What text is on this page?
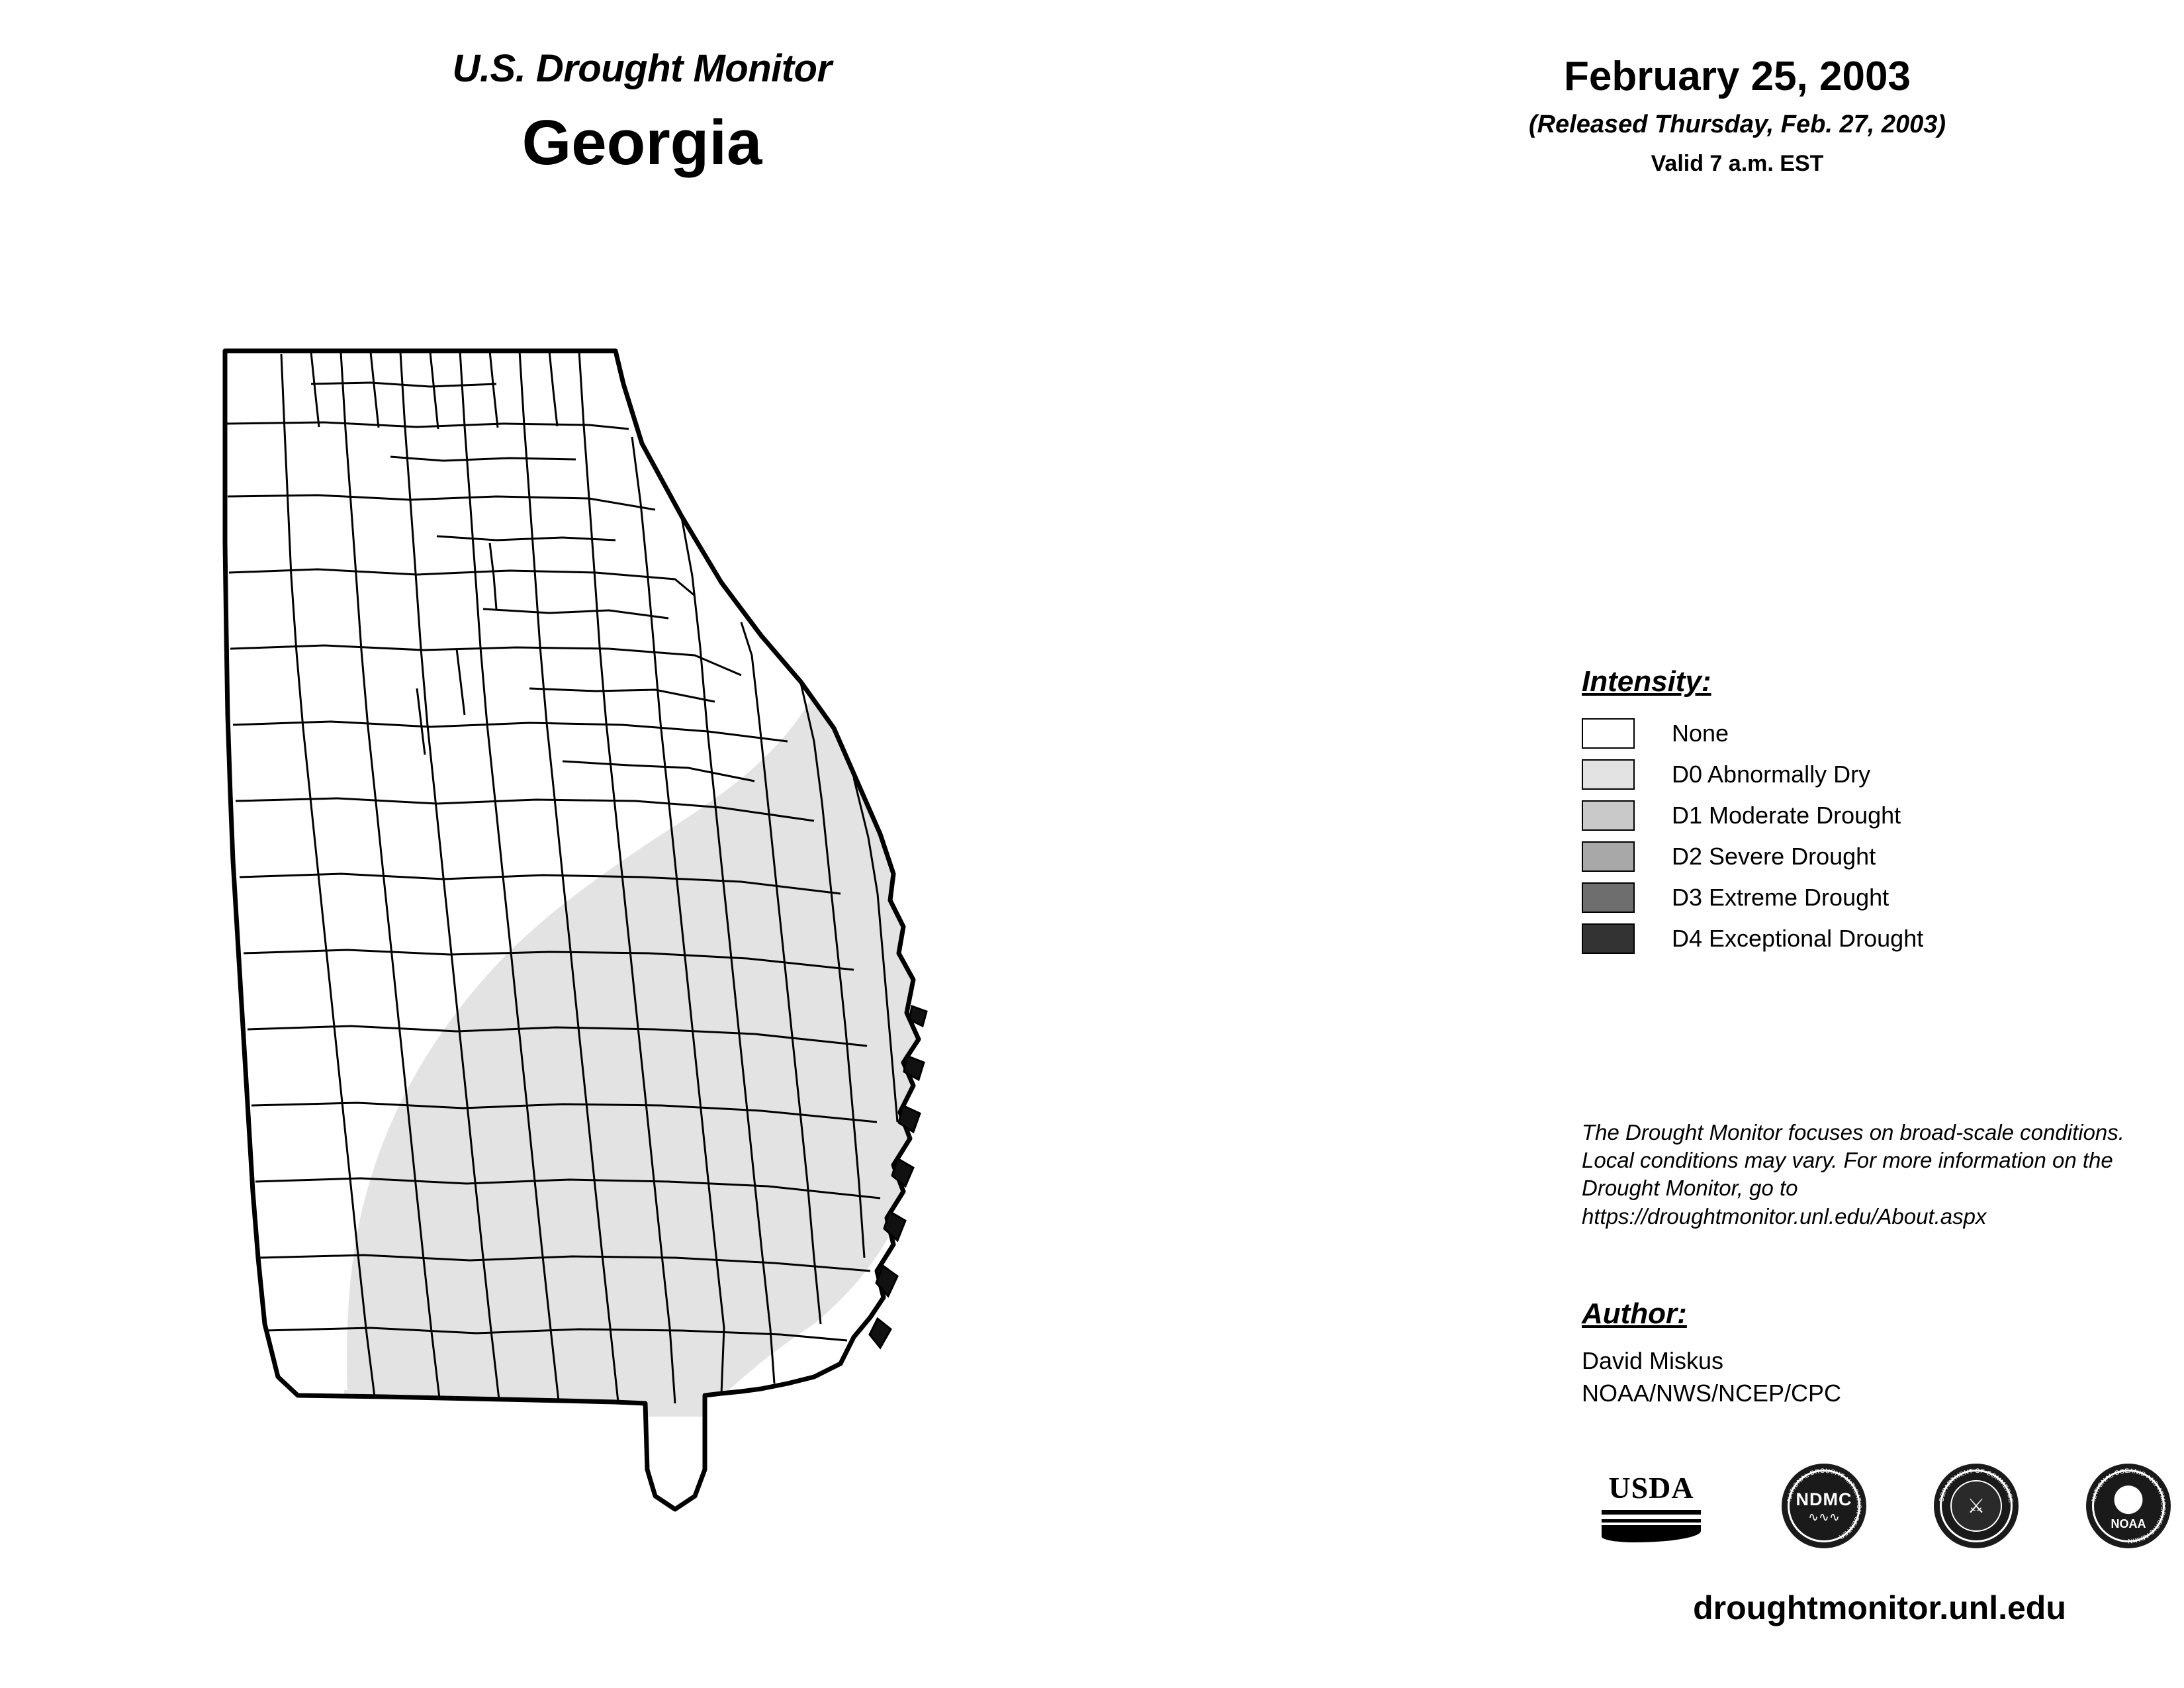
U.S. Drought Monitor
Georgia
February 25, 2003
(Released Thursday, Feb. 27, 2003)
Valid 7 a.m. EST
Intensity:
None
D0 Abnormally Dry
D1 Moderate Drought
D2 Severe Drought
D3 Extreme Drought
D4 Exceptional Drought
The Drought Monitor focuses on broad-scale conditions. Local conditions may vary. For more information on the Drought Monitor, go to https://droughtmonitor.unl.edu/About.aspx
Author:
David Miskus
NOAA/NWS/NCEP/CPC
USDA	NATIONAL DROUGHT MITIGATION CENTER
NDMC
∿∿∿
DEPARTMENT OF COMMERCE
⚔	NATIONAL OCEANIC AND ATMOSPHERIC ADMIN
NOAA
droughtmonitor.unl.edu
